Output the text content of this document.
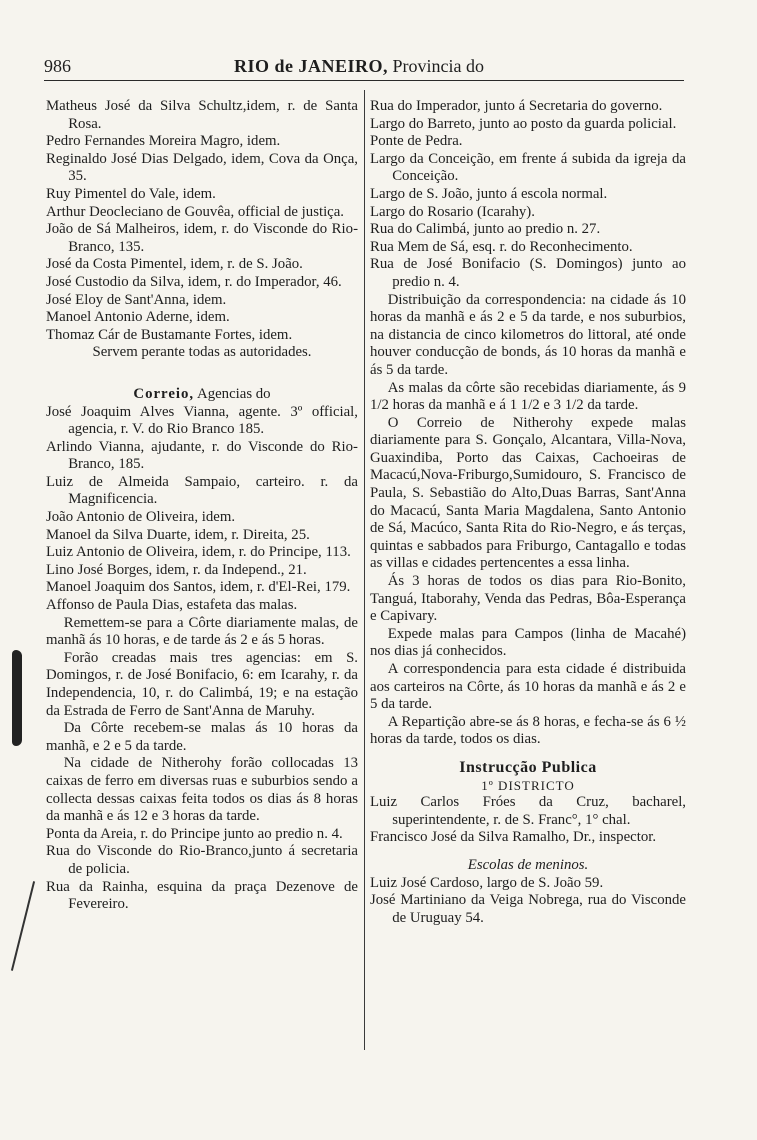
986	RIO de JANEIRO, Provincia do

Matheus José da Silva Schultz,idem, r. de Santa Rosa.

Pedro Fernandes Moreira Magro, idem.

Reginaldo José Dias Delgado, idem, Cova da Onça, 35.

Ruy Pimentel do Vale, idem.

Arthur Deocleciano de Gouvêa, official de justiça.

João de Sá Malheiros, idem, r. do Visconde do Rio-Branco, 135.

José da Costa Pimentel, idem, r. de S. João.

José Custodio da Silva, idem, r. do Imperador, 46.

José Eloy de Sant'Anna, idem.

Manoel Antonio Aderne, idem.

Thomaz Cár de Bustamante Fortes, idem.

Servem perante todas as autoridades.

Correio, Agencias do

José Joaquim Alves Vianna, agente. 3º official, agencia, r. V. do Rio Branco 185.

Arlindo Vianna, ajudante, r. do Visconde do Rio-Branco, 185.

Luiz de Almeida Sampaio, carteiro. r. da Magnificencia.

João Antonio de Oliveira, idem.

Manoel da Silva Duarte, idem, r. Direita, 25.

Luiz Antonio de Oliveira, idem, r. do Principe, 113.

Lino José Borges, idem, r. da Independ., 21.

Manoel Joaquim dos Santos, idem, r. d'El-Rei, 179.

Affonso de Paula Dias, estafeta das malas.

Remettem-se para a Côrte diariamente malas, de manhã ás 10 horas, e de tarde ás 2 e ás 5 horas.

Forão creadas mais tres agencias: em S. Domingos, r. de José Bonifacio, 6: em Icarahy, r. da Independencia, 10, r. do Calimbá, 19; e na estação da Estrada de Ferro de Sant'Anna de Maruhy.

Da Côrte recebem-se malas ás 10 horas da manhã, e 2 e 5 da tarde.

Na cidade de Nitherohy forão collocadas 13 caixas de ferro em diversas ruas e suburbios sendo a collecta dessas caixas feita todos os dias ás 8 horas da manhã e ás 12 e 3 horas da tarde.

Ponta da Areia, r. do Principe junto ao predio n. 4.

Rua do Visconde do Rio-Branco,junto á secretaria de policia.

Rua da Rainha, esquina da praça Dezenove de Fevereiro.

Rua do Imperador, junto á Secretaria do governo.

Largo do Barreto, junto ao posto da guarda policial.

Ponte de Pedra.

Largo da Conceição, em frente á subida da igreja da Conceição.

Largo de S. João, junto á escola normal.

Largo do Rosario (Icarahy).

Rua do Calimbá, junto ao predio n. 27.

Rua Mem de Sá, esq. r. do Reconhecimento.

Rua de José Bonifacio (S. Domingos) junto ao predio n. 4.

Distribuição da correspondencia: na cidade ás 10 horas da manhã e ás 2 e 5 da tarde, e nos suburbios, na distancia de cinco kilometros do littoral, até onde houver conducção de bonds, ás 10 horas da manhã e ás 5 da tarde.

As malas da côrte são recebidas diariamente, ás 9 1/2 horas da manhã e á 1 1/2 e 3 1/2 da tarde.

O Correio de Nitherohy expede malas diariamente para S. Gonçalo, Alcantara, Villa-Nova, Guaxindiba, Porto das Caixas, Cachoeiras de Macacú,Nova-Friburgo,Sumidouro, S. Francisco de Paula, S. Sebastião do Alto,Duas Barras, Sant'Anna do Macacú, Santa Maria Magdalena, Santo Antonio de Sá, Macúco, Santa Rita do Rio-Negro, e ás terças, quintas e sabbados para Friburgo, Cantagallo e todas as villas e cidades pertencentes a essa linha.

Ás 3 horas de todos os dias para Rio-Bonito, Tanguá, Itaborahy, Venda das Pedras, Bôa-Esperança e Capivary.

Expede malas para Campos (linha de Macahé) nos dias já conhecidos.

A correspondencia para esta cidade é distribuida aos carteiros na Côrte, ás 10 horas da manhã e ás 2 e 5 da tarde.

A Repartição abre-se ás 8 horas, e fecha-se ás 6 ½ horas da tarde, todos os dias.

Instrucção Publica

1º DISTRICTO

Luiz Carlos Fróes da Cruz, bacharel, superintendente, r. de S. Franc°, 1° chal.

Francisco José da Silva Ramalho, Dr., inspector.

Escolas de meninos.

Luiz José Cardoso, largo de S. João 59.

José Martiniano da Veiga Nobrega, rua do Visconde de Uruguay 54.
